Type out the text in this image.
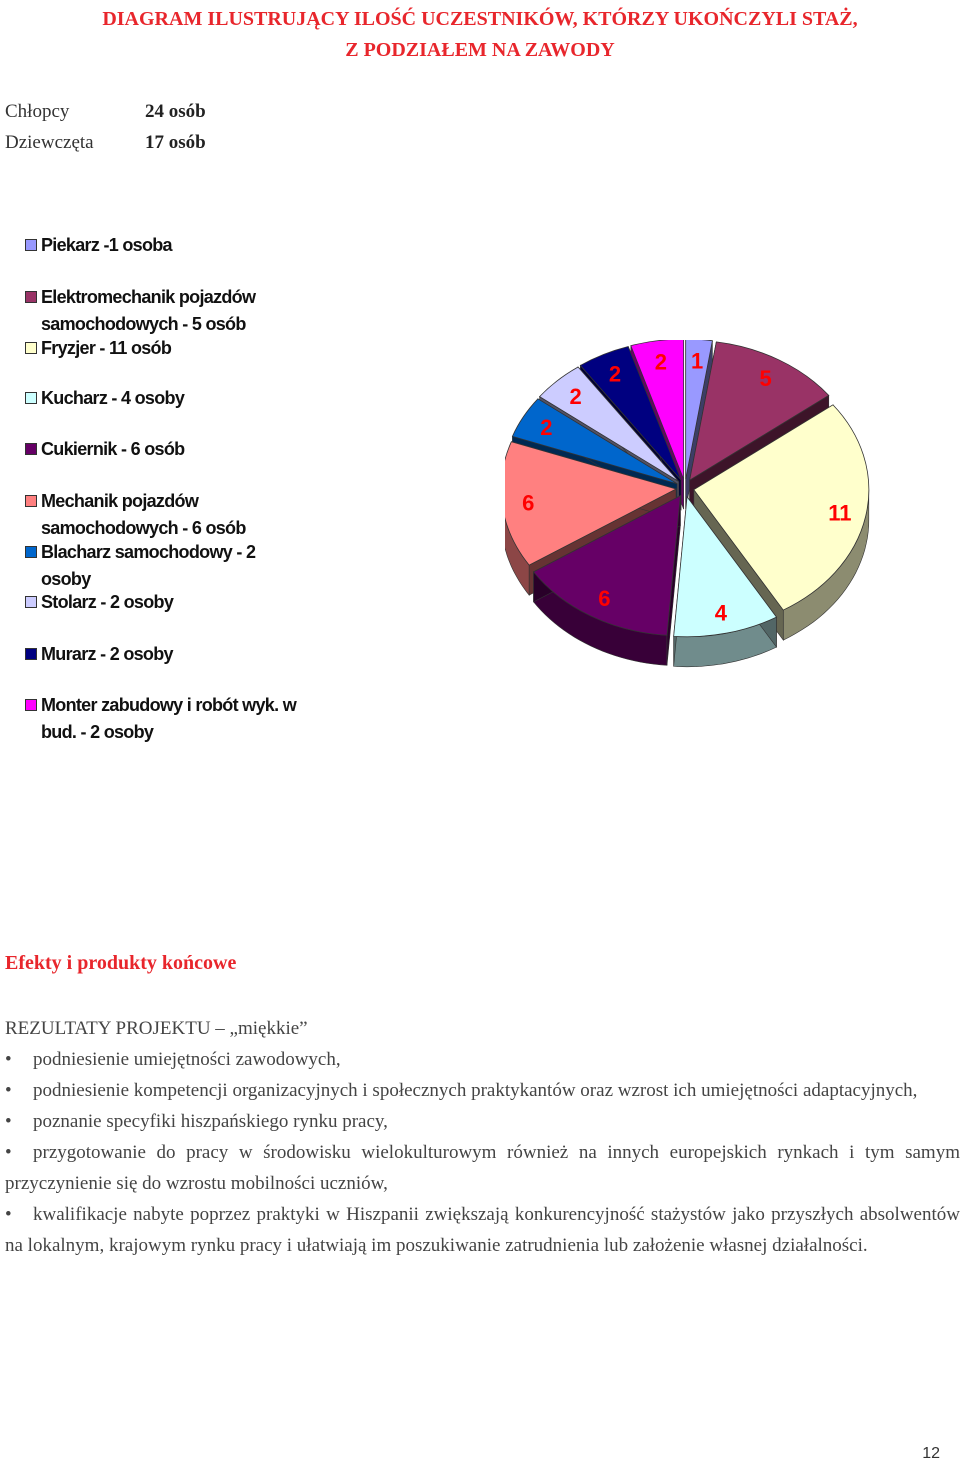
DIAGRAM ILUSTRUJĄCY ILOŚĆ UCZESTNIKÓW, KTÓRZY UKOŃCZYLI STAŻ,
Z PODZIAŁEM NA ZAWODY
Chłopcy	24 osób
Dziewczęta	17 osób
Piekarz -1 osoba
Elektromechanik pojazdów
samochodowych - 5 osób
Fryzjer - 11 osób
Kucharz - 4 osoby
Cukiernik - 6 osób
Mechanik pojazdów
samochodowych - 6 osób
Blacharz samochodowy - 2
osoby
Stolarz - 2 osoby
Murarz - 2 osoby
Monter zabudowy i robót wyk. w
bud. - 2 osoby
1
5
11
4
6
6
2
2
2 2
Efekty i produkty końcowe
REZULTATY PROJEKTU – „miękkie”

• podniesienie umiejętności zawodowych,

• podniesienie kompetencji organizacyjnych i społecznych praktykantów oraz wzrost ich umiejętności adaptacyjnych,

• poznanie specyfiki hiszpańskiego rynku pracy,

• przygotowanie do pracy w środowisku wielokulturowym również na innych europejskich rynkach i tym samym przyczynienie się do wzrostu mobilności uczniów,

• kwalifikacje nabyte poprzez praktyki w Hiszpanii zwiększają konkurencyjność stażystów jako przyszłych absolwentów na lokalnym, krajowym rynku pracy i ułatwiają im poszukiwanie zatrudnienia lub założenie własnej działalności.

12
